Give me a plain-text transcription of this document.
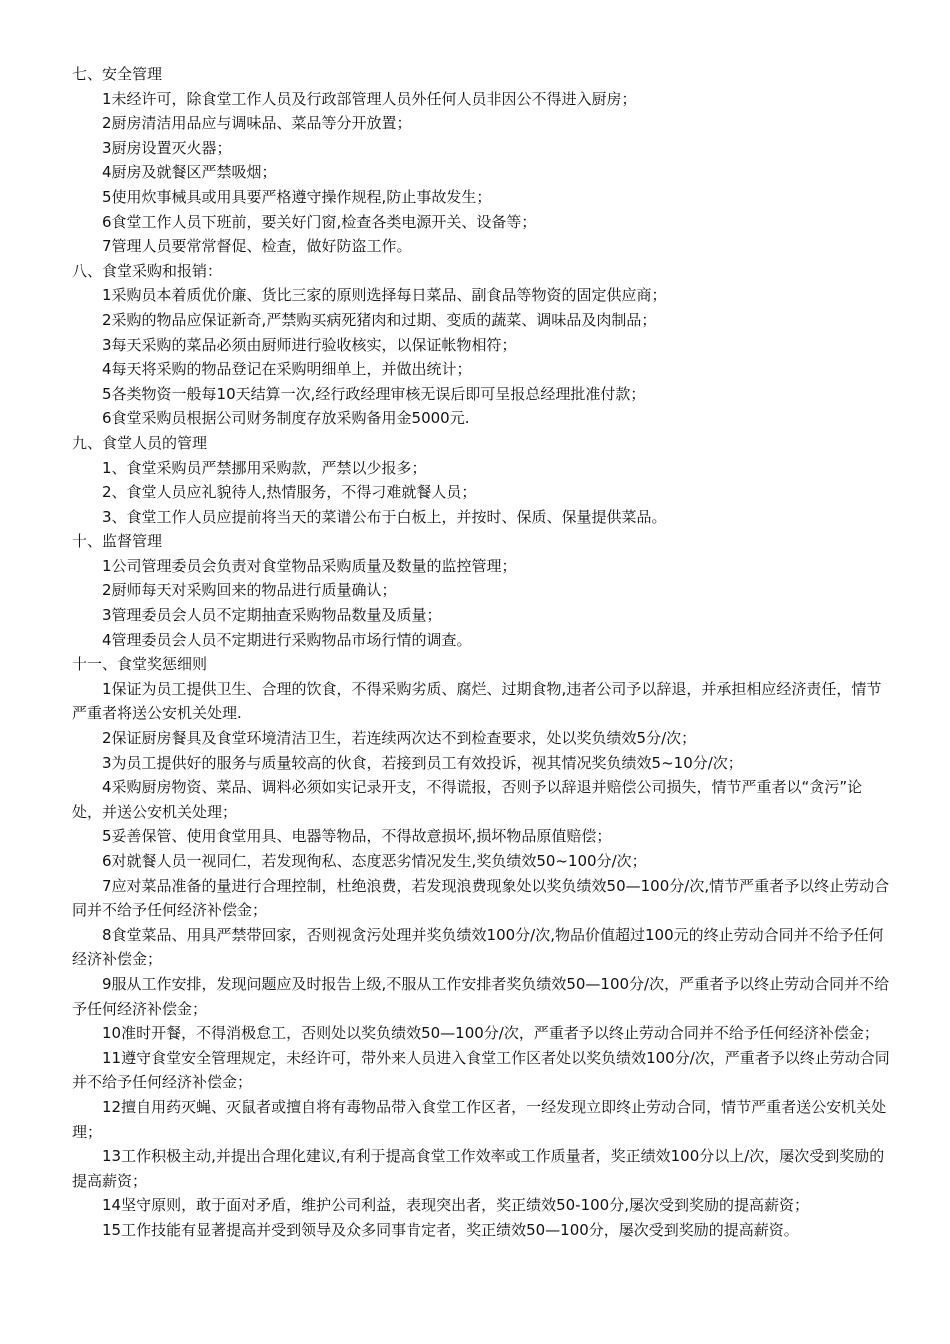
七、安全管理

1未经许可，除食堂工作人员及行政部管理人员外任何人员非因公不得进入厨房；

2厨房清洁用品应与调味品、菜品等分开放置；

3厨房设置灭火器；

4厨房及就餐区严禁吸烟；

5使用炊事械具或用具要严格遵守操作规程,防止事故发生；

6食堂工作人员下班前，要关好门窗,检查各类电源开关、设备等；

7管理人员要常常督促、检查，做好防盗工作。

八、食堂采购和报销：

1采购员本着质优价廉、货比三家的原则选择每日菜品、副食品等物资的固定供应商；

2采购的物品应保证新奇,严禁购买病死猪肉和过期、变质的蔬菜、调味品及肉制品；

3每天采购的菜品必须由厨师进行验收核实，以保证帐物相符；

4每天将采购的物品登记在采购明细单上，并做出统计；

5各类物资一般每10天结算一次,经行政经理审核无误后即可呈报总经理批准付款；

6食堂采购员根据公司财务制度存放采购备用金5000元.

九、食堂人员的管理

1、食堂采购员严禁挪用采购款，严禁以少报多；

2、食堂人员应礼貌待人,热情服务，不得刁难就餐人员；

3、食堂工作人员应提前将当天的菜谱公布于白板上，并按时、保质、保量提供菜品。

十、监督管理

1公司管理委员会负责对食堂物品采购质量及数量的监控管理；

2厨师每天对采购回来的物品进行质量确认；

3管理委员会人员不定期抽查采购物品数量及质量；

4管理委员会人员不定期进行采购物品市场行情的调查。

十一、食堂奖惩细则

1保证为员工提供卫生、合理的饮食，不得采购劣质、腐烂、过期食物,违者公司予以辞退，并承担相应经济责任，情节严重者将送公安机关处理.

2保证厨房餐具及食堂环境清洁卫生，若连续两次达不到检查要求，处以奖负绩效5分/次；

3为员工提供好的服务与质量较高的伙食，若接到员工有效投诉，视其情况奖负绩效5~10分/次；

4采购厨房物资、菜品、调料必须如实记录开支，不得谎报，否则予以辞退并赔偿公司损失，情节严重者以“贪污”论处，并送公安机关处理；

5妥善保管、使用食堂用具、电器等物品，不得故意损坏,损坏物品原值赔偿；

6对就餐人员一视同仁，若发现徇私、态度恶劣情况发生,奖负绩效50~100分/次；

7应对菜品准备的量进行合理控制，杜绝浪费，若发现浪费现象处以奖负绩效50—100分/次,情节严重者予以终止劳动合同并不给予任何经济补偿金；

8食堂菜品、用具严禁带回家，否则视贪污处理并奖负绩效100分/次,物品价值超过100元的终止劳动合同并不给予任何经济补偿金；

9服从工作安排，发现问题应及时报告上级,不服从工作安排者奖负绩效50—100分/次，严重者予以终止劳动合同并不给予任何经济补偿金；

10准时开餐，不得消极怠工，否则处以奖负绩效50—100分/次，严重者予以终止劳动合同并不给予任何经济补偿金；

11遵守食堂安全管理规定，未经许可，带外来人员进入食堂工作区者处以奖负绩效100分/次，严重者予以终止劳动合同并不给予任何经济补偿金；

12擅自用药灭蝇、灭鼠者或擅自将有毒物品带入食堂工作区者，一经发现立即终止劳动合同，情节严重者送公安机关处理；

13工作积极主动,并提出合理化建议,有利于提高食堂工作效率或工作质量者，奖正绩效100分以上/次，屡次受到奖励的提高薪资；

14坚守原则，敢于面对矛盾，维护公司利益，表现突出者，奖正绩效50-100分,屡次受到奖励的提高薪资；

15工作技能有显著提高并受到领导及众多同事肯定者，奖正绩效50—100分，屡次受到奖励的提高薪资。
